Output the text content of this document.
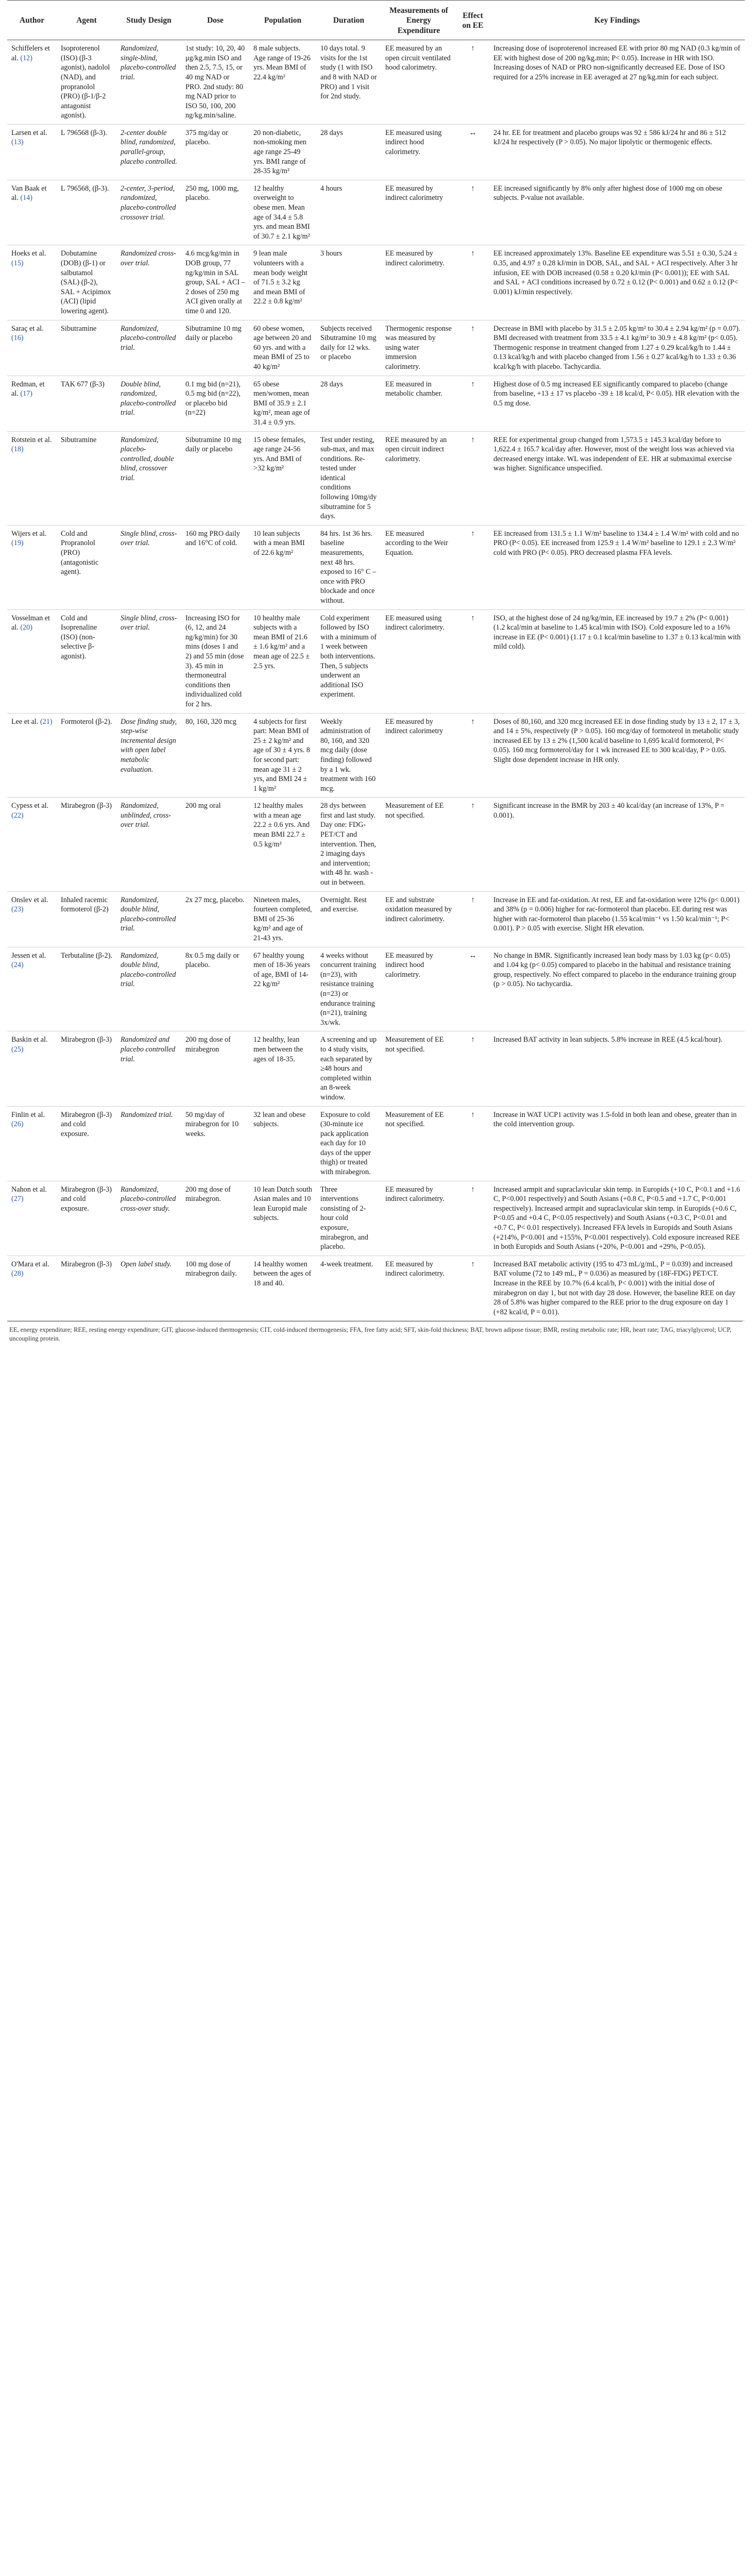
Author	Agent	Study Design	Dose	Population	Duration	Measurements of Energy Expenditure	Effect on EE	Key Findings
Schiffelers et al. (12)	Isoproterenol (ISO) (β-3 agonist), nadolol (NAD), and propranolol (PRO) (β-1/β-2 antagonist agonist).	Randomized, single-blind, placebo-controlled trial.	1st study: 10, 20, 40 μg/kg.min ISO and then 2.5, 7.5, 15, or 40 mg NAD or PRO. 2nd study: 80 mg NAD prior to ISO 50, 100, 200 ng/kg.min/saline.	8 male subjects. Age range of 19-26 yrs. Mean BMI of 22.4 kg/m²	10 days total. 9 visits for the 1st study (1 with ISO and 8 with NAD or PRO) and 1 visit for 2nd study.	EE measured by an open circuit ventilated hood calorimetry.	↑	Increasing dose of isoproterenol increased EE with prior 80 mg NAD (0.3 kg/min of EE with highest dose of 200 ng/kg.min; P< 0.05). Increase in HR with ISO. Increasing doses of NAD or PRO non-significantly decreased EE. Dose of ISO required for a 25% increase in EE averaged at 27 ng/kg.min for each subject.
Larsen et al. (13)	L 796568 (β-3).	2-center double blind, randomized, parallel-group, placebo controlled.	375 mg/day or placebo.	20 non-diabetic, non-smoking men age range 25-49 yrs. BMI range of 28-35 kg/m²	28 days	EE measured using indirect hood calorimetry.	↔	24 hr. EE for treatment and placebo groups was 92 ± 586 kJ/24 hr and 86 ± 512 kJ/24 hr respectively (P > 0.05). No major lipolytic or thermogenic effects.
Van Baak et al. (14)	L 796568, (β-3).	2-center, 3-period, randomized, placebo-controlled crossover trial.	250 mg, 1000 mg, placebo.	12 healthy overweight to obese men. Mean age of 34.4 ± 5.8 yrs. and mean BMI of 30.7 ± 2.1 kg/m²	4 hours	EE measured by indirect calorimetry	↑	EE increased significantly by 8% only after highest dose of 1000 mg on obese subjects. P-value not available.
Hoeks et al. (15)	Dobutamine (DOB) (β-1) or salbutamol (SAL) (β-2), SAL + Acipimox (ACI) (lipid lowering agent).	Randomized cross-over trial.	4.6 mcg/kg/min in DOB group, 77 ng/kg/min in SAL group, SAL + ACI – 2 doses of 250 mg ACI given orally at time 0 and 120.	9 lean male volunteers with a mean body weight of 71.5 ± 3.2 kg and mean BMI of 22.2 ± 0.8 kg/m²	3 hours	EE measured by indirect calorimetry.	↑	EE increased approximately 13%. Baseline EE expenditure was 5.51 ± 0.30, 5.24 ± 0.35, and 4.97 ± 0.28 kJ/min in DOB, SAL, and SAL + ACI respectively. After 3 hr infusion, EE with DOB increased (0.58 ± 0.20 kJ/min (P< 0.001)); EE with SAL and SAL + ACI conditions increased by 0.72 ± 0.12 (P< 0.001) and 0.62 ± 0.12 (P< 0.001) kJ/min respectively.
Saraç et al. (16)	Sibutramine	Randomized, placebo-controlled trial.	Sibutramine 10 mg daily or placebo	60 obese women, age between 20 and 60 yrs. and with a mean BMI of 25 to 40 kg/m²	Subjects received Sibutramine 10 mg daily for 12 wks. or placebo	Thermogenic response was measured by using water immersion calorimetry.	↑	Decrease in BMI with placebo by 31.5 ± 2.05 kg/m² to 30.4 ± 2.94 kg/m² (p = 0.07). BMI decreased with treatment from 33.5 ± 4.1 kg/m² to 30.9 ± 4.8 kg/m² (p< 0.05). Thermogenic response in treatment changed from 1.27 ± 0.29 kcal/kg/h to 1.44 ± 0.13 kcal/kg/h and with placebo changed from 1.56 ± 0.27 kcal/kg/h to 1.33 ± 0.36 kcal/kg/h with placebo. Tachycardia.
Redman, et al. (17)	TAK 677 (β-3)	Double blind, randomized, placebo-controlled trial.	0.1 mg bid (n=21), 0.5 mg bid (n=22), or placebo bid (n=22)	65 obese men/women, mean BMI of 35.9 ± 2.1 kg/m², mean age of 31.4 ± 0.9 yrs.	28 days	EE measured in metabolic chamber.	↑	Highest dose of 0.5 mg increased EE significantly compared to placebo (change from baseline, +13 ± 17 vs placebo -39 ± 18 kcal/d, P< 0.05). HR elevation with the 0.5 mg dose.
Rotstein et al. (18)	Sibutramine	Randomized, placebo-controlled, double blind, crossover trial.	Sibutramine 10 mg daily or placebo	15 obese females, age range 24-56 yrs. And BMI of >32 kg/m²	Test under resting, sub-max, and max conditions. Re-tested under identical conditions following 10mg/dy sibutramine for 5 days.	REE measured by an open circuit indirect calorimetry.	↑	REE for experimental group changed from 1,573.5 ± 145.3 kcal/day before to 1,622.4 ± 165.7 kcal/day after. However, most of the weight loss was achieved via decreased energy intake. WL was independent of EE. HR at submaximal exercise was higher. Significance unspecified.
Wijers et al. (19)	Cold and Propranolol (PRO) (antagonistic agent).	Single blind, cross-over trial.	160 mg PRO daily and 16°C of cold.	10 lean subjects with a mean BMI of 22.6 kg/m²	84 hrs. 1st 36 hrs. baseline measurements, next 48 hrs. exposed to 16° C – once with PRO blockade and once without.	EE measured according to the Weir Equation.	↑	EE increased from 131.5 ± 1.1 W/m² baseline to 134.4 ± 1.4 W/m² with cold and no PRO (P< 0.05). EE increased from 125.9 ± 1.4 W/m² baseline to 129.1 ± 2.3 W/m² cold with PRO (P< 0.05). PRO decreased plasma FFA levels.
Vosselman et al. (20)	Cold and Isoprenaline (ISO) (non-selective β-agonist).	Single blind, cross-over trial.	Increasing ISO for (6, 12, and 24 ng/kg/min) for 30 mins (doses 1 and 2) and 55 min (dose 3). 45 min in thermoneutral conditions then individualized cold for 2 hrs.	10 healthy male subjects with a mean BMI of 21.6 ± 1.6 kg/m² and a mean age of 22.5 ± 2.5 yrs.	Cold experiment followed by ISO with a minimum of 1 week between both interventions. Then, 5 subjects underwent an additional ISO experiment.	EE measured using indirect calorimetry.	↑	ISO, at the highest dose of 24 ng/kg/min, EE increased by 19.7 ± 2% (P< 0.001) (1.2 kcal/min at baseline to 1.45 kcal/min with ISO). Cold exposure led to a 16% increase in EE (P< 0.001) (1.17 ± 0.1 kcal/min baseline to 1.37 ± 0.13 kcal/min with mild cold).
Lee et al. (21)	Formoterol (β-2).	Dose finding study, step-wise incremental design with open label metabolic evaluation.	80, 160, 320 mcg	4 subjects for first part: Mean BMI of 25 ± 2 kg/m² and age of 30 ± 4 yrs. 8 for second part: mean age 31 ± 2 yrs, and BMI 24 ± 1 kg/m²	Weekly administration of 80, 160, and 320 mcg daily (dose finding) followed by a 1 wk. treatment with 160 mcg.	EE measured by indirect calorimetry	↑	Doses of 80,160, and 320 mcg increased EE in dose finding study by 13 ± 2, 17 ± 3, and 14 ± 5%, respectively (P > 0.05). 160 mcg/day of formoterol in metabolic study increased EE by 13 ± 2% (1,500 kcal/d baseline to 1,695 kcal/d formoterol, P< 0.05). 160 mcg formoterol/day for 1 wk increased EE to 300 kcal/day, P > 0.05. Slight dose dependent increase in HR only.
Cypess et al. (22)	Mirabegron (β-3)	Randomized, unblinded, cross-over trial.	200 mg oral	12 healthy males with a mean age 22.2 ± 0.6 yrs. And mean BMI 22.7 ± 0.5 kg/m²	28 dys between first and last study. Day one: FDG-PET/CT and intervention. Then, 2 imaging days and intervention; with 48 hr. wash -out in between.	Measurement of EE not specified.	↑	Significant increase in the BMR by 203 ± 40 kcal/day (an increase of 13%, P = 0.001).
Onslev et al. (23)	Inhaled racemic formoterol (β-2)	Randomized, double blind, placebo-controlled trial.	2x 27 mcg, placebo.	Nineteen males, fourteen completed, BMI of 25-36 kg/m² and age of 21-43 yrs.	Overnight. Rest and exercise.	EE and substrate oxidation measured by indirect calorimetry.	↑	Increase in EE and fat-oxidation. At rest, EE and fat-oxidation were 12% (p< 0.001) and 38% (p = 0.006) higher for rac-formoterol than placebo. EE during rest was higher with rac-formoterol than placebo (1.55 kcal/min⁻¹ vs 1.50 kcal/min⁻¹; P< 0.001). P > 0.05 with exercise. Slight HR elevation.
Jessen et al. (24)	Terbutaline (β-2).	Randomized, double blind, placebo-controlled trial.	8x 0.5 mg daily or placebo.	67 healthy young men of 18-36 years of age, BMI of 14-22 kg/m²	4 weeks without concurrent training (n=23), with resistance training (n=23) or endurance training (n=21), training 3x/wk.	EE measured by indirect hood calorimetry.	↔	No change in BMR. Significantly increased lean body mass by 1.03 kg (p< 0.05) and 1.04 kg (p< 0.05) compared to placebo in the habitual and resistance training group, respectively. No effect compared to placebo in the endurance training group (p > 0.05). No tachycardia.
Baskin et al. (25)	Mirabegron (β-3)	Randomized and placebo controlled trial.	200 mg dose of mirabegron	12 healthy, lean men between the ages of 18-35.	A screening and up to 4 study visits, each separated by ≥48 hours and completed within an 8-week window.	Measurement of EE not specified.	↑	Increased BAT activity in lean subjects. 5.8% increase in REE (4.5 kcal/hour).
Finlin et al. (26)	Mirabegron (β-3) and cold exposure.	Randomized trial.	50 mg/day of mirabegron for 10 weeks.	32 lean and obese subjects.	Exposure to cold (30-minute ice pack application each day for 10 days of the upper thigh) or treated with mirabegron.	Measurement of EE not specified.	↑	Increase in WAT UCP1 activity was 1.5-fold in both lean and obese, greater than in the cold intervention group.
Nahon et al. (27)	Mirabegron (β-3) and cold exposure.	Randomized, placebo-controlled cross-over study.	200 mg dose of mirabegron.	10 lean Dutch south Asian males and 10 lean Europid male subjects.	Three interventions consisting of 2-hour cold exposure, mirabegron, and placebo.	EE measured by indirect calorimetry.	↑	Increased armpit and supraclavicular skin temp. in Europids (+10 C, P<0.1 and +1.6 C, P<0.001 respectively) and South Asians (+0.8 C, P<0.5 and +1.7 C, P<0.001 respectively). Increased armpit and supraclavicular skin temp. in Europids (+0.6 C, P<0.05 and +0.4 C, P<0.05 respectively) and South Asians (+0.3 C, P<0.01 and +0.7 C, P< 0.01 respectively). Increased FFA levels in Europids and South Asians (+214%, P<0.001 and +155%, P<0.001 respectively). Cold exposure increased REE in both Europids and South Asians (+20%, P<0.001 and +29%, P<0.05).
O'Mara et al. (28)	Mirabegron (β-3)	Open label study.	100 mg dose of mirabegron daily.	14 healthy women between the ages of 18 and 40.	4-week treatment.	EE measured by indirect calorimetry.	↑	Increased BAT metabolic activity (195 to 473 mL/g/mL, P = 0.039) and increased BAT volume (72 to 149 mL, P = 0.036) as measured by (18F-FDG) PET/CT. Increase in the REE by 10.7% (6.4 kcal/h, P< 0.001) with the initial dose of mirabegron on day 1, but not with day 28 dose. However, the baseline REE on day 28 of 5.8% was higher compared to the REE prior to the drug exposure on day 1 (+82 kcal/d, P = 0.01).
EE, energy expenditure; REE, resting energy expenditure; GIT, glucose-induced thermogenesis; CIT, cold-induced thermogenesis; FFA, free fatty acid; SFT, skin-fold thickness; BAT, brown adipose tissue; BMR, resting metabolic rate; HR, heart rate; TAG, triacylglycerol; UCP, uncoupling protein.
